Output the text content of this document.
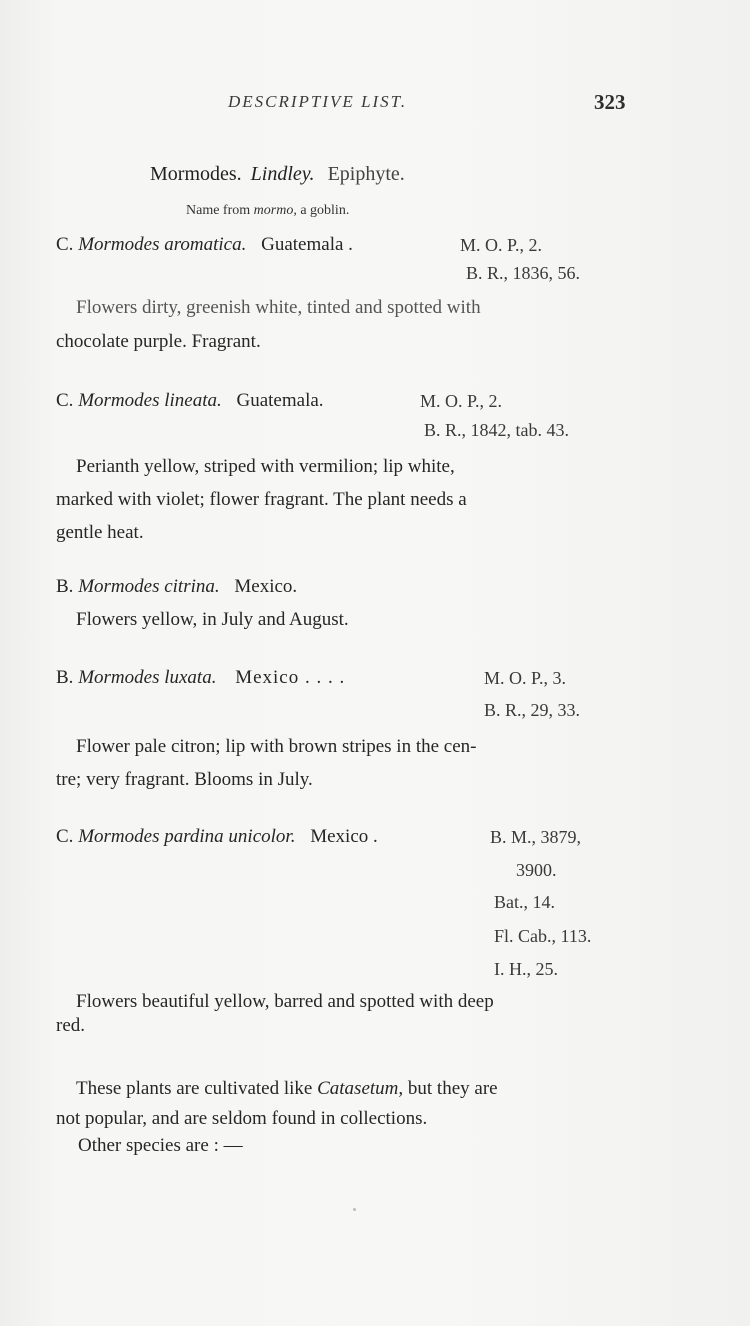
DESCRIPTIVE LIST.	323
Mormodes. Lindley. Epiphyte.
Name from mormo, a goblin.
C. Mormodes aromatica. Guatemala .	M. O. P., 2.
B. R., 1836, 56.
Flowers dirty, greenish white, tinted and spotted with
chocolate purple. Fragrant.
C. Mormodes lineata. Guatemala.	M. O. P., 2.
B. R., 1842, tab. 43.
Perianth yellow, striped with vermilion; lip white,
marked with violet; flower fragrant. The plant needs a
gentle heat.
B. Mormodes citrina. Mexico.
Flowers yellow, in July and August.
B. Mormodes luxata. Mexico . . . .	M. O. P., 3.
B. R., 29, 33.
Flower pale citron; lip with brown stripes in the cen-
tre; very fragrant. Blooms in July.
C. Mormodes pardina unicolor. Mexico .	B. M., 3879,
3900.
Bat., 14.
Fl. Cab., 113.
I. H., 25.
Flowers beautiful yellow, barred and spotted with deep
red.
These plants are cultivated like Catasetum, but they are
not popular, and are seldom found in collections.
Other species are : —
